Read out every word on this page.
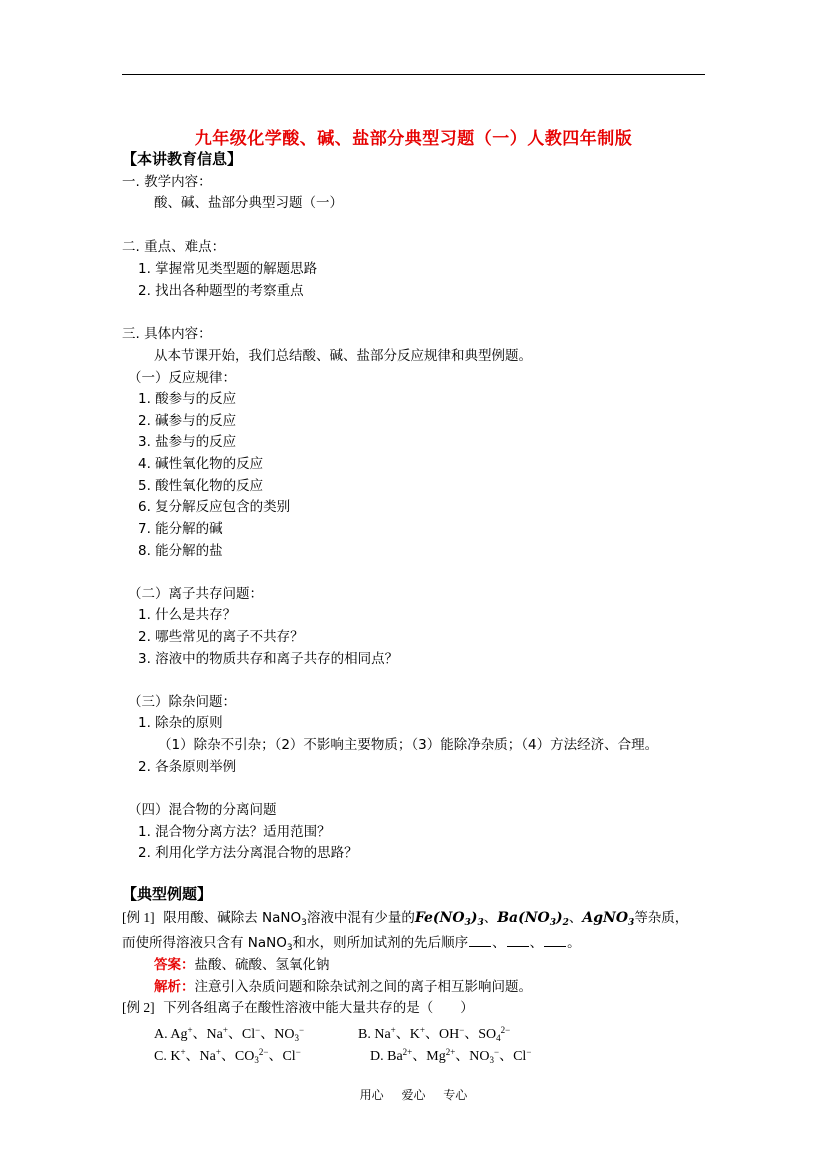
九年级化学酸、碱、盐部分典型习题（一）人教四年制版
【本讲教育信息】
一. 教学内容：
酸、碱、盐部分典型习题（一）
二. 重点、难点：
1. 掌握常见类型题的解题思路
2. 找出各种题型的考察重点
三. 具体内容：
从本节课开始，我们总结酸、碱、盐部分反应规律和典型例题。
（一）反应规律：
1. 酸参与的反应
2. 碱参与的反应
3. 盐参与的反应
4. 碱性氧化物的反应
5. 酸性氧化物的反应
6. 复分解反应包含的类别
7. 能分解的碱
8. 能分解的盐
（二）离子共存问题：
1. 什么是共存？
2. 哪些常见的离子不共存？
3. 溶液中的物质共存和离子共存的相同点？
（三）除杂问题：
1. 除杂的原则
（1）除杂不引杂；（2）不影响主要物质；（3）能除净杂质；（4）方法经济、合理。
2. 各条原则举例
（四）混合物的分离问题
1. 混合物分离方法？适用范围？
2. 利用化学方法分离混合物的思路？
【典型例题】
[例 1] 限用酸、碱除去 NaNO$_3$溶液中混有少量的$Fe(NO_3)_3$、$Ba(NO_3)_2$、AgNO$_3$等杂质，
而使所得溶液只含有 NaNO$_3$和水，则所加试剂的先后顺序 、 、 。
答案：盐酸、硫酸、氢氧化钠
解析：注意引入杂质问题和除杂试剂之间的离子相互影响问题。
[例 2] 下列各组离子在酸性溶液中能大量共存的是（　　）
A. Ag+、Na+、Cl−、$NO_3^-$	B. Na+、K+、OH−、$SO_4^{2-}$
C. K+、Na+、$CO_3^{2-}$、Cl−	D. $Ba^{2+}$、$Mg^{2+}$、$NO_3^-$、Cl−
用心 爱心 专心
